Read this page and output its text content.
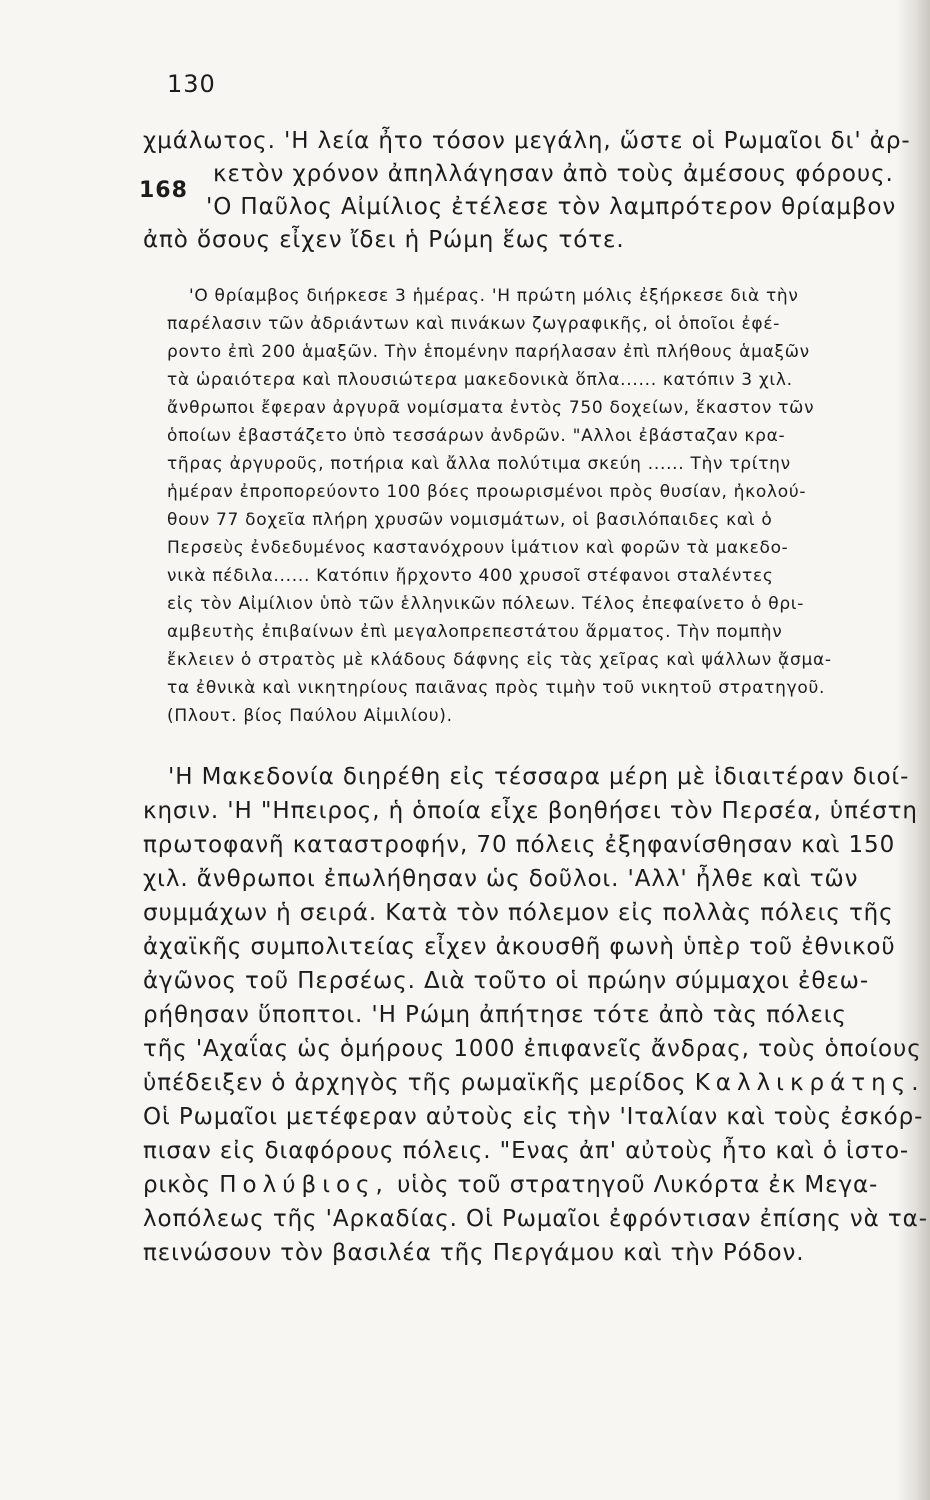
130
168
χμάλωτος. 'Η λεία ἦτο τόσον μεγάλη, ὥστε οἱ Ρωμαῖοι δι' ἀρ-
κετὸν χρόνον ἀπηλλάγησαν ἀπὸ τοὺς ἀμέσους φόρους.
'Ο Παῦλος Αἰμίλιος ἐτέλεσε τὸν λαμπρότερον θρίαμβον
ἀπὸ ὅσους εἶχεν ἴδει ἡ Ρώμη ἕως τότε.
'Ο θρίαμβος διήρκεσε 3 ἡμέρας. 'Η πρώτη μόλις ἐξήρκεσε διὰ τὴν
παρέλασιν τῶν ἀδριάντων καὶ πινάκων ζωγραφικῆς, οἱ ὁποῖοι ἐφέ-
ροντο ἐπὶ 200 ἁμαξῶν. Τὴν ἑπομένην παρήλασαν ἐπὶ πλήθους ἁμαξῶν
τὰ ὡραιότερα καὶ πλουσιώτερα μακεδονικὰ ὅπλα...... κατόπιν 3 χιλ.
ἄνθρωποι ἔφεραν ἀργυρᾶ νομίσματα ἐντὸς 750 δοχείων, ἕκαστον τῶν
ὁποίων ἐβαστάζετο ὑπὸ τεσσάρων ἀνδρῶν. "Αλλοι ἐβάσταζαν κρα-
τῆρας ἀργυροῦς, ποτήρια καὶ ἄλλα πολύτιμα σκεύη ...... Τὴν τρίτην
ἡμέραν ἐπροπορεύοντο 100 βόες προωρισμένοι πρὸς θυσίαν, ἠκολού-
θουν 77 δοχεῖα πλήρη χρυσῶν νομισμάτων, οἱ βασιλόπαιδες καὶ ὁ
Περσεὺς ἐνδεδυμένος καστανόχρουν ἱμάτιον καὶ φορῶν τὰ μακεδο-
νικὰ πέδιλα...... Κατόπιν ἤρχοντο 400 χρυσοῖ στέφανοι σταλέντες
εἰς τὸν Αἰμίλιον ὑπὸ τῶν ἑλληνικῶν πόλεων. Τέλος ἐπεφαίνετο ὁ θρι-
αμβευτὴς ἐπιβαίνων ἐπὶ μεγαλοπρεπεστάτου ἅρματος. Τὴν πομπὴν
ἔκλειεν ὁ στρατὸς μὲ κλάδους δάφνης εἰς τὰς χεῖρας καὶ ψάλλων ᾄσμα-
τα ἐθνικὰ καὶ νικητηρίους παιᾶνας πρὸς τιμὴν τοῦ νικητοῦ στρατηγοῦ.
(Πλουτ. βίος Παύλου Αἰμιλίου).
'Η Μακεδονία διηρέθη εἰς τέσσαρα μέρη μὲ ἰδιαιτέραν διοί-
κησιν. 'Η "Ηπειρος, ἡ ὁποία εἶχε βοηθήσει τὸν Περσέα, ὑπέστη
πρωτοφανῆ καταστροφήν, 70 πόλεις ἐξηφανίσθησαν καὶ 150
χιλ. ἄνθρωποι ἐπωλήθησαν ὡς δοῦλοι. 'Αλλ' ἦλθε καὶ τῶν
συμμάχων ἡ σειρά. Κατὰ τὸν πόλεμον εἰς πολλὰς πόλεις τῆς
ἀχαϊκῆς συμπολιτείας εἶχεν ἀκουσθῆ φωνὴ ὑπὲρ τοῦ ἐθνικοῦ
ἀγῶνος τοῦ Περσέως. Διὰ τοῦτο οἱ πρώην σύμμαχοι ἐθεω-
ρήθησαν ὕποπτοι. 'Η Ρώμη ἀπήτησε τότε ἀπὸ τὰς πόλεις
τῆς 'Αχαΐας ὡς ὁμήρους 1000 ἐπιφανεῖς ἄνδρας, τοὺς ὁποίους
ὑπέδειξεν ὁ ἀρχηγὸς τῆς ρωμαϊκῆς μερίδος Καλλικράτης.
Οἱ Ρωμαῖοι μετέφεραν αὐτοὺς εἰς τὴν 'Ιταλίαν καὶ τοὺς ἐσκόρ-
πισαν εἰς διαφόρους πόλεις. "Ενας ἀπ' αὐτοὺς ἦτο καὶ ὁ ἱστο-
ρικὸς Πολύβιος, υἱὸς τοῦ στρατηγοῦ Λυκόρτα ἐκ Μεγα-
λοπόλεως τῆς 'Αρκαδίας. Οἱ Ρωμαῖοι ἐφρόντισαν ἐπίσης νὰ τα-
πεινώσουν τὸν βασιλέα τῆς Περγάμου καὶ τὴν Ρόδον.
